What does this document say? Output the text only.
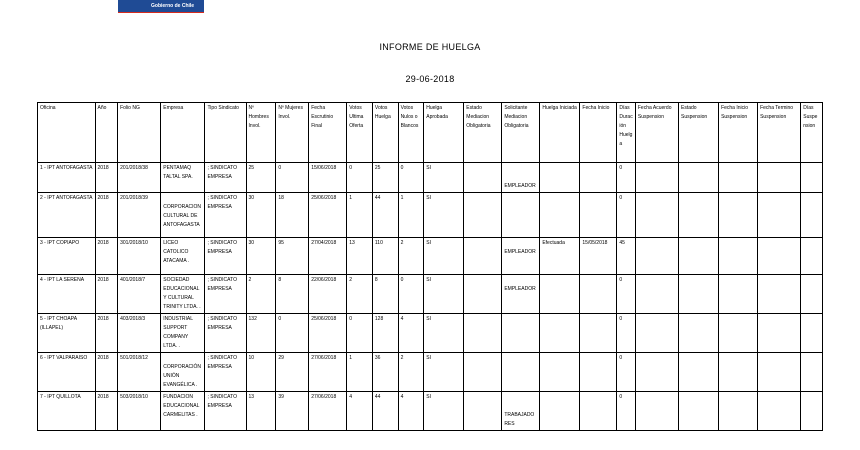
Gobierno de Chile
INFORME DE HUELGA
29-06-2018
Oficina	Año	Folio NG	Empresa	Tipo Sindicato	Nº Hombres Invol.	Nº Mujeres Invol.	Fecha Escrutinio Final	Votos Ultima Oferta	Votos Huelga	Votos Nulos o Blancos	Huelga Aprobada	Estado Mediacion Obligatoria	Solicitante Mediacion Obligatoria	Huelga Iniciada	Fecha Inicio	Días Duración Huelga	Fecha Acuerdo Suspension	Estado Suspension	Fecha Inicio Suspension	Fecha Termino Suspension	Días Suspension
1 - IPT ANTOFAGASTA	2018	201/2018/38	PENTAMAQ TALTAL SPA.	; SINDICATO EMPRESA	25	0	15/06/2018	0	25	0	SI		EMPLEADOR			0					
2 - IPT ANTOFAGASTA	2018	201/2018/39	CORPORACION CULTURAL DE ANTOFAGASTA	; SINDICATO EMPRESA	30	18	25/06/2018	1	44	1	SI					0					
3 - IPT COPIAPO	2018	301/2018/10	LICEO CATOLICO ATACAMA .	; SINDICATO EMPRESA	30	95	27/04/2018	13	110	2	SI		EMPLEADOR	Efectuada	15/05/2018	45					
4 - IPT LA SERENA	2018	401/2018/7	SOCIEDAD EDUCACIONAL Y CULTURAL TRINITY LTDA. .	; SINDICATO EMPRESA	2	8	22/06/2018	2	8	0	SI		EMPLEADOR			0					
5 - IPT CHOAPA (ILLAPEL)	2018	403/2018/3	INDUSTRIAL SUPPORT COMPANY LTDA. .	; SINDICATO EMPRESA	132	0	25/06/2018	0	128	4	SI					0					
6 - IPT VALPARAISO	2018	501/2018/12	CORPORACIÓN UNIÓN EVANGÉLICA .	; SINDICATO EMPRESA	10	29	27/06/2018	1	36	2	SI					0					
7 - IPT QUILLOTA	2018	503/2018/10	FUNDACION EDUCACIONAL CARMELITAS .	; SINDICATO EMPRESA	13	39	27/06/2018	4	44	4	SI		TRABAJADORES			0					
